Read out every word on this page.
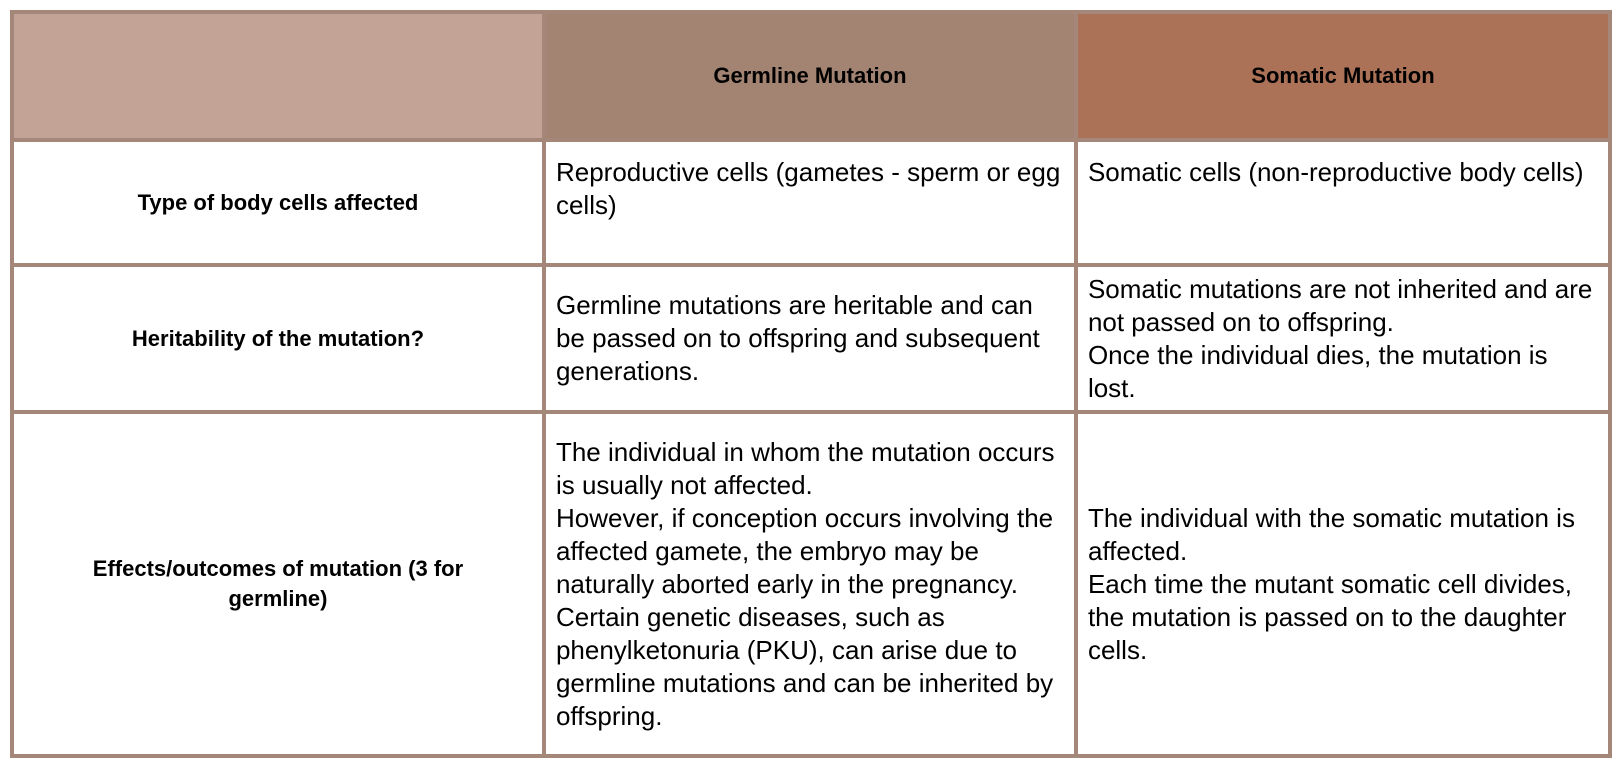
	Germline Mutation	Somatic Mutation
Type of body cells affected	Reproductive cells (gametes - sperm or egg cells)	Somatic cells (non-reproductive body cells)

Heritability of the mutation?	Germline mutations are heritable and can be passed on to offspring and subsequent generations.	Somatic mutations are not inherited and are not passed on to offspring.
Once the individual dies, the mutation is lost.

Effects/outcomes of mutation (3 for germline)	The individual in whom the mutation occurs is usually not affected.
However, if conception occurs involving the affected gamete, the embryo may be naturally aborted early in the pregnancy.
Certain genetic diseases, such as phenylketonuria (PKU), can arise due to germline mutations and can be inherited by offspring.	The individual with the somatic mutation is affected.
Each time the mutant somatic cell divides, the mutation is passed on to the daughter cells.
